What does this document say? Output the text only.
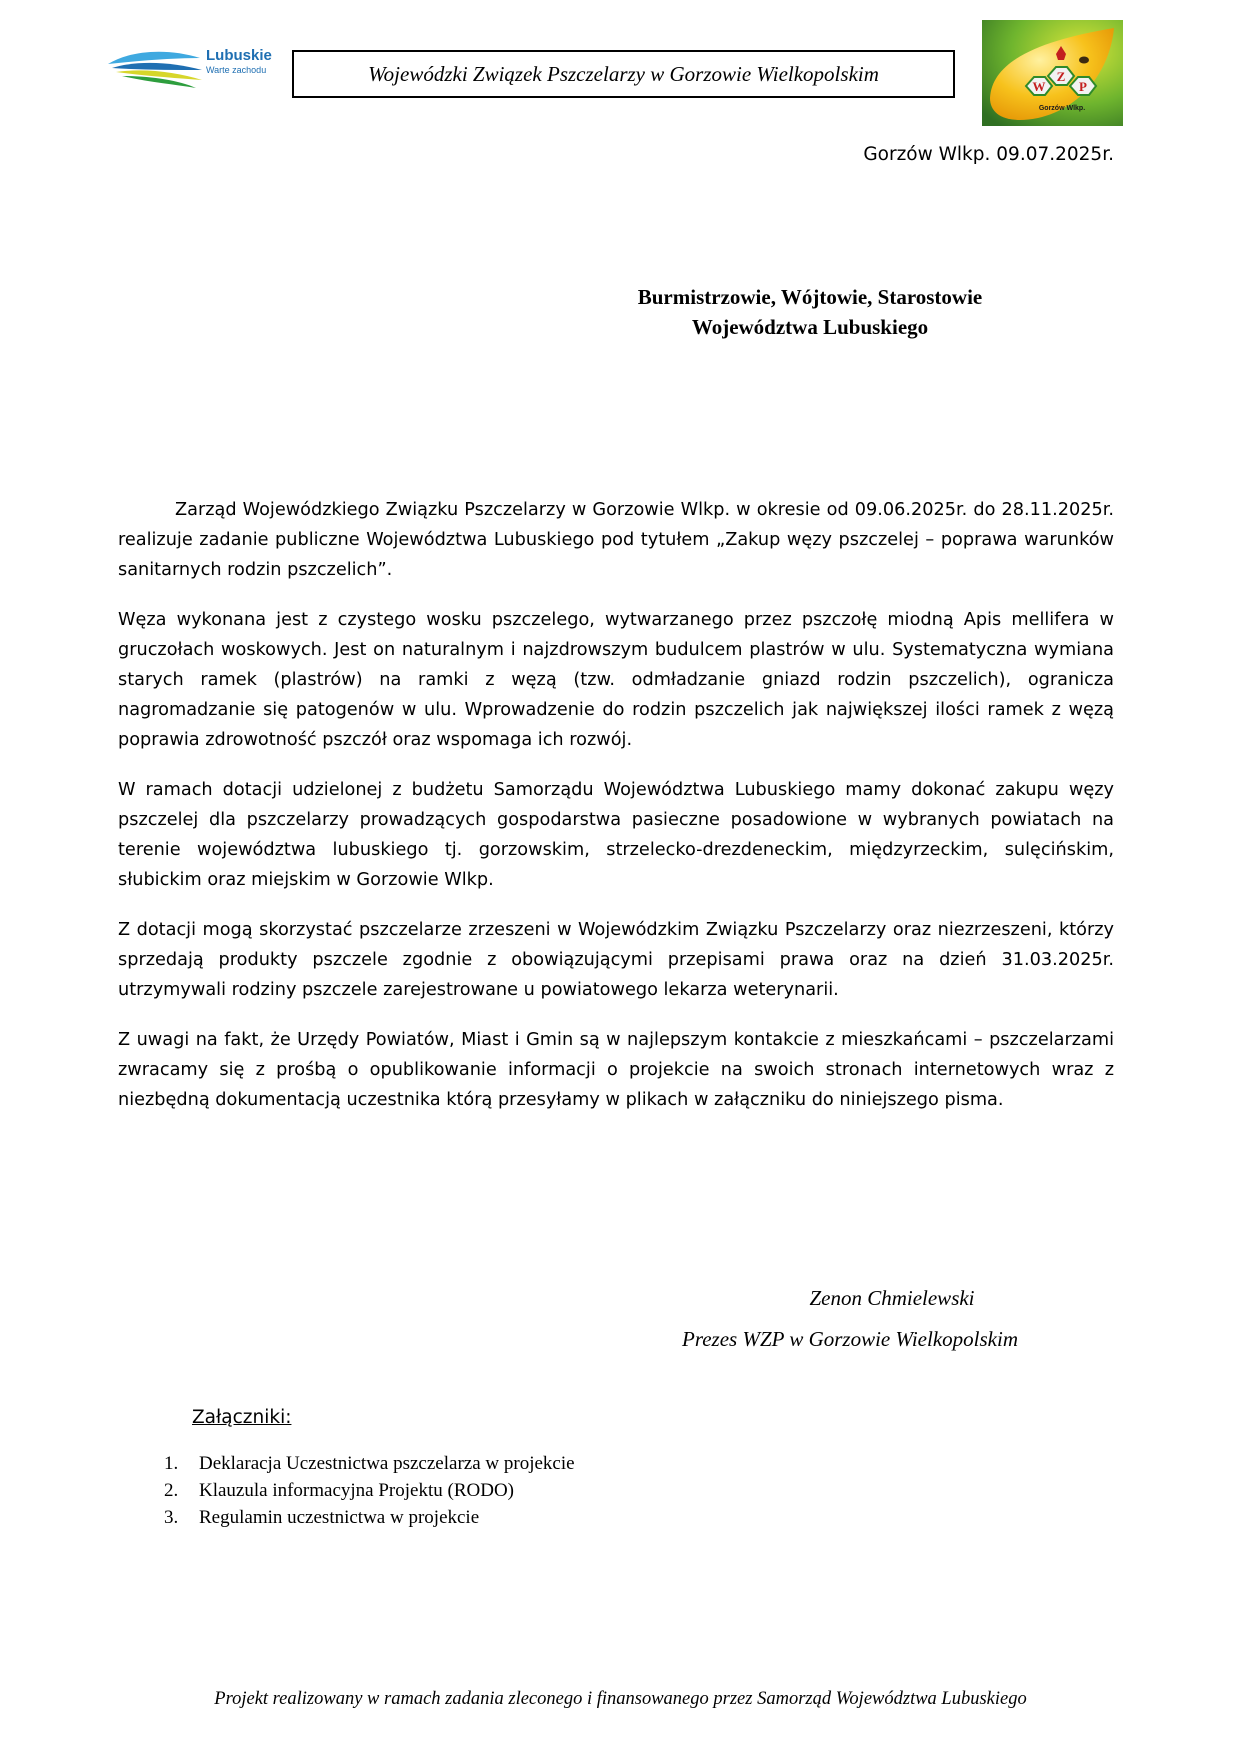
Lubuskie
Warte zachodu	Wojewódzki Związek Pszczelarzy w Gorzowie Wielkopolskim
W
Z
P
Gorzów Wlkp.
Gorzów Wlkp. 09.07.2025r.
Burmistrzowie, Wójtowie, Starostowie
Województwa Lubuskiego

Zarząd Wojewódzkiego Związku Pszczelarzy w Gorzowie Wlkp. w okresie od 09.06.2025r. do 28.11.2025r. realizuje zadanie publiczne Województwa Lubuskiego pod tytułem „Zakup węzy pszczelej – poprawa warunków sanitarnych rodzin pszczelich”.

Węza wykonana jest z czystego wosku pszczelego, wytwarzanego przez pszczołę miodną Apis mellifera w gruczołach woskowych. Jest on naturalnym i najzdrowszym budulcem plastrów w ulu. Systematyczna wymiana starych ramek (plastrów) na ramki z węzą (tzw. odmładzanie gniazd rodzin pszczelich), ogranicza nagromadzanie się patogenów w ulu. Wprowadzenie do rodzin pszczelich jak największej ilości ramek z węzą poprawia zdrowotność pszczół oraz wspomaga ich rozwój.

W ramach dotacji udzielonej z budżetu Samorządu Województwa Lubuskiego mamy dokonać zakupu węzy pszczelej dla pszczelarzy prowadzących gospodarstwa pasieczne posadowione w wybranych powiatach na terenie województwa lubuskiego tj. gorzowskim, strzelecko-drezdeneckim, międzyrzeckim, sulęcińskim, słubickim oraz miejskim w Gorzowie Wlkp.

Z dotacji mogą skorzystać pszczelarze zrzeszeni w Wojewódzkim Związku Pszczelarzy oraz niezrzeszeni, którzy sprzedają produkty pszczele zgodnie z obowiązującymi przepisami prawa oraz na dzień 31.03.2025r. utrzymywali rodziny pszczele zarejestrowane u powiatowego lekarza weterynarii.

Z uwagi na fakt, że Urzędy Powiatów, Miast i Gmin są w najlepszym kontakcie z mieszkańcami – pszczelarzami zwracamy się z prośbą o opublikowanie informacji o projekcie na swoich stronach internetowych wraz z niezbędną dokumentacją uczestnika którą przesyłamy w plikach w załączniku do niniejszego pisma.

Zenon Chmielewski
Prezes WZP w Gorzowie Wielkopolskim
Załączniki:
1. Deklaracja Uczestnictwa pszczelarza w projekcie
2. Klauzula informacyjna Projektu (RODO)
3. Regulamin uczestnictwa w projekcie
Projekt realizowany w ramach zadania zleconego i finansowanego przez Samorząd Województwa Lubuskiego
